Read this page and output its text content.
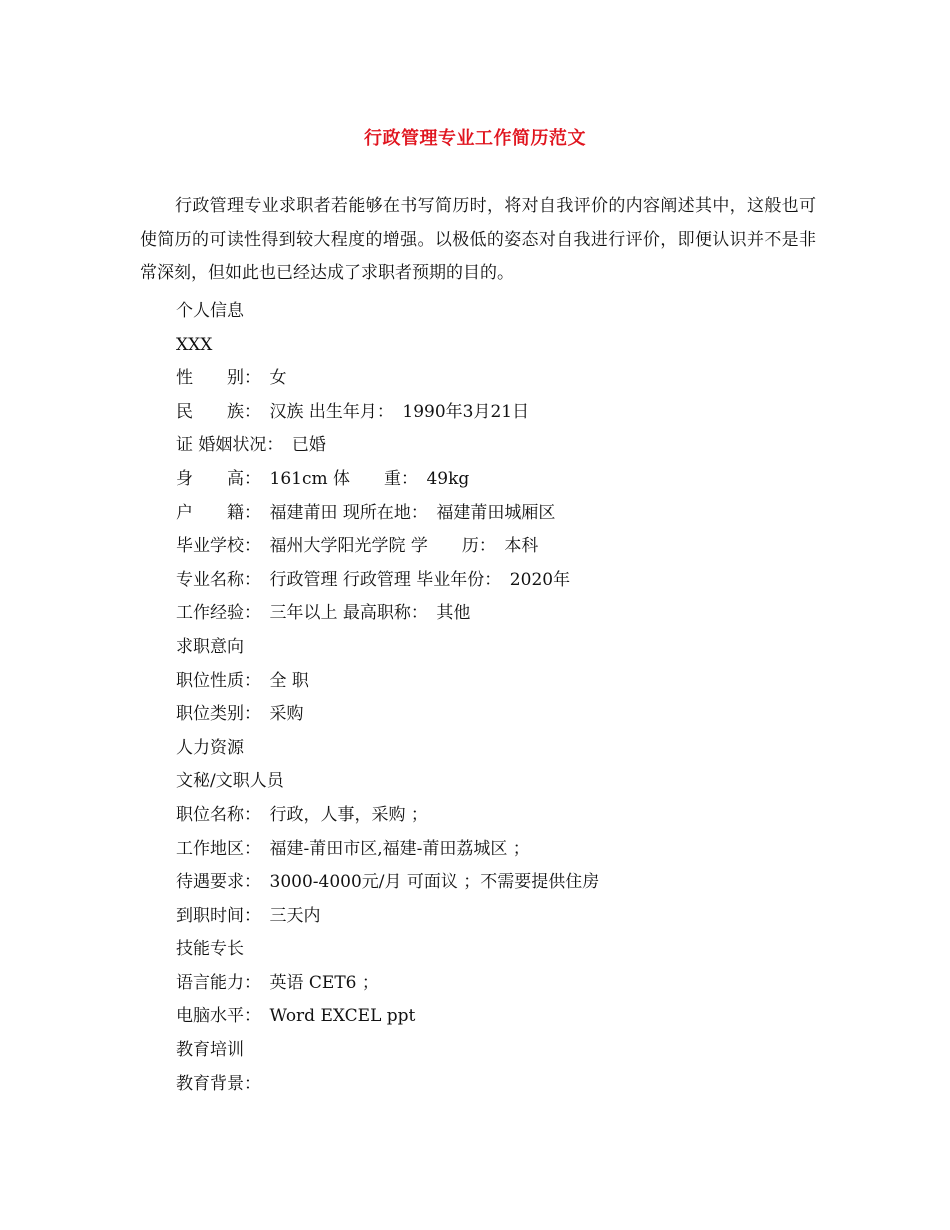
行政管理专业工作简历范文

行政管理专业求职者若能够在书写简历时，将对自我评价的内容阐述其中，这般也可使简历的可读性得到较大程度的增强。以极低的姿态对自我进行评价，即便认识并不是非常深刻，但如此也已经达成了求职者预期的目的。

个人信息
XXX
性　　别：　女
民　　族：　汉族 出生年月：　1990年3月21日
证 婚姻状况：　已婚
身　　高：　161cm 体　　重：　49kg
户　　籍：　福建莆田 现所在地：　福建莆田城厢区
毕业学校：　福州大学阳光学院 学　　历：　本科
专业名称：　行政管理 行政管理 毕业年份：　2020年
工作经验：　三年以上 最高职称：　其他
求职意向
职位性质：　全 职
职位类别：　采购
人力资源
文秘/文职人员
职位名称：　行政，人事，采购 ；
工作地区：　福建-莆田市区,福建-莆田荔城区 ；
待遇要求：　3000-4000元/月 可面议 ；不需要提供住房
到职时间：　三天内
技能专长
语言能力：　英语 CET6 ；
电脑水平：　Word EXCEL ppt
教育培训
教育背景：
